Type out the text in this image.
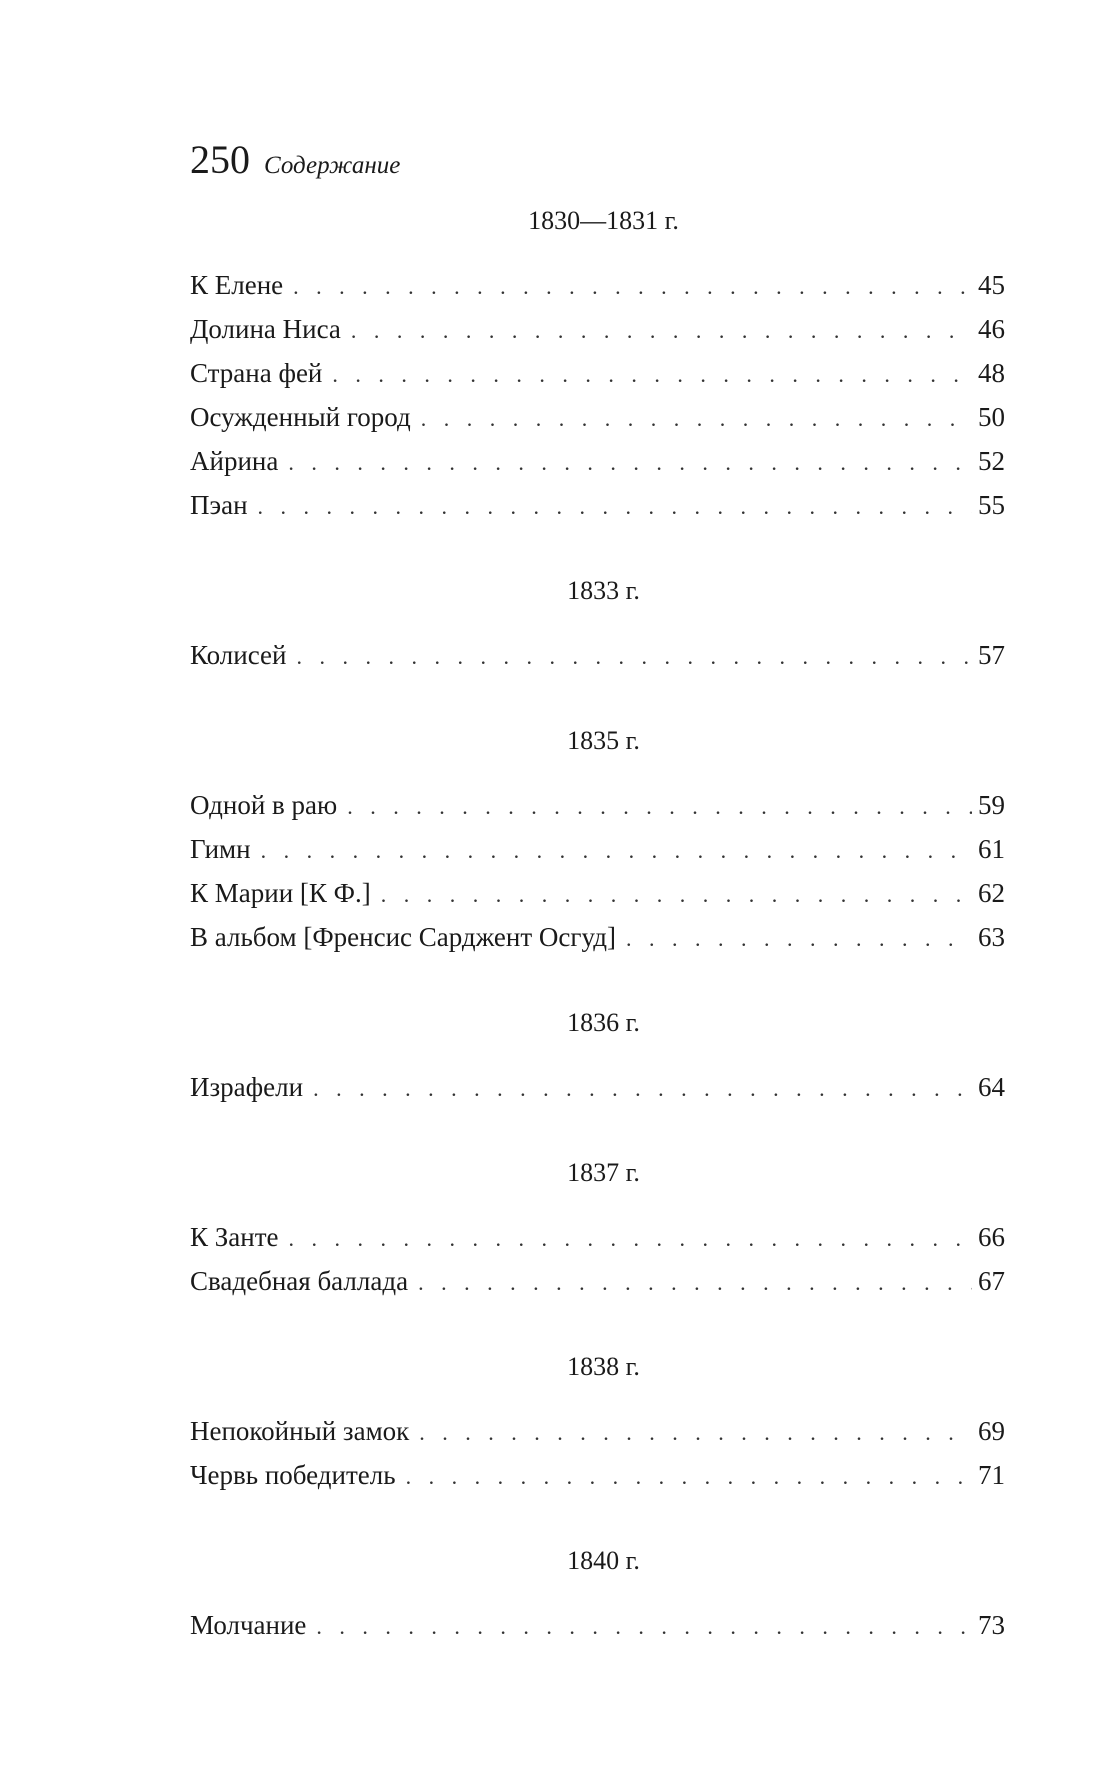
250 Содержание
1830—1831 г.
К Елене . . .	45
Долина Ниса . . .	46
Страна фей . . .	48
Осужденный город . . .	50
Айрина . . .	52
Пэан . . .	55
1833 г.
Колисей . . .	57
1835 г.
Одной в раю . . .	59
Гимн . . .	61
К Марии [К Ф.] . . .	62
В альбом [Френсис Сарджент Осгуд] . . .	63
1836 г.
Израфели . . .	64
1837 г.
К Занте . . .	66
Свадебная баллада . . .	67
1838 г.
Непокойный замок . . .	69
Червь победитель . . .	71
1840 г.
Молчание . . .	73
